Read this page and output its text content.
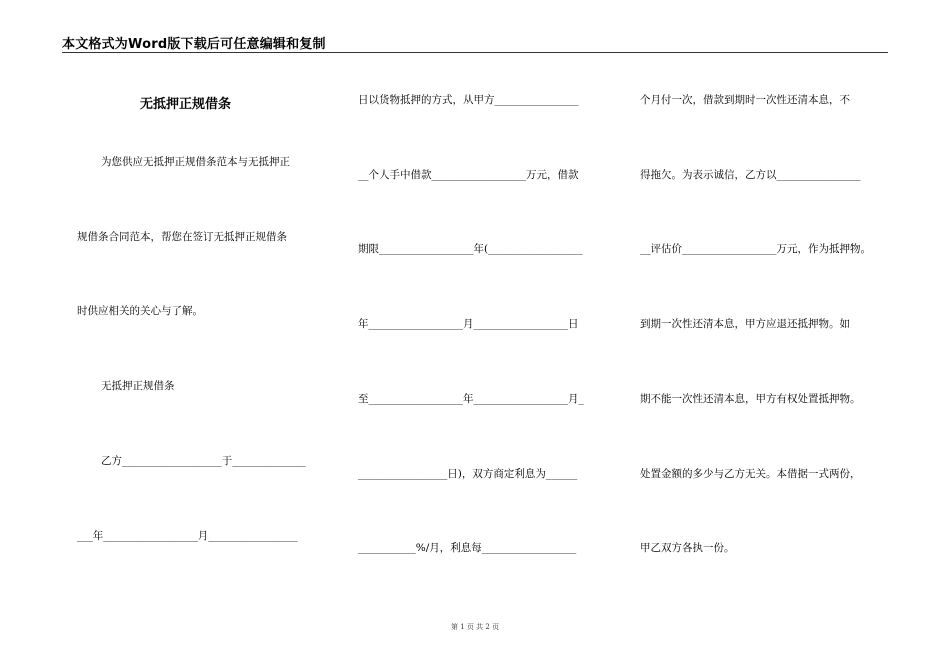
本文格式为Word版下载后可任意编辑和复制
无抵押正规借条
为您供应无抵押正规借条范本与无抵押正
规借条合同范本，帮您在签订无抵押正规借条
时供应相关的关心与了解。
无抵押正规借条
乙方___________________于______________
___年__________________月_________________
日以货物抵押的方式，从甲方________________
__个人手中借款__________________万元，借款
期限__________________年(__________________
年__________________月__________________日
至__________________年__________________月_
_________________日)，双方商定利息为______
___________%/月，利息每__________________
个月付一次，借款到期时一次性还清本息，不
得拖欠。为表示诚信，乙方以________________
__评估价__________________万元，作为抵押物。
到期一次性还清本息，甲方应退还抵押物。如
期不能一次性还清本息，甲方有权处置抵押物。
处置金额的多少与乙方无关。本借据一式两份，
甲乙双方各执一份。
第 1 页 共 2 页
